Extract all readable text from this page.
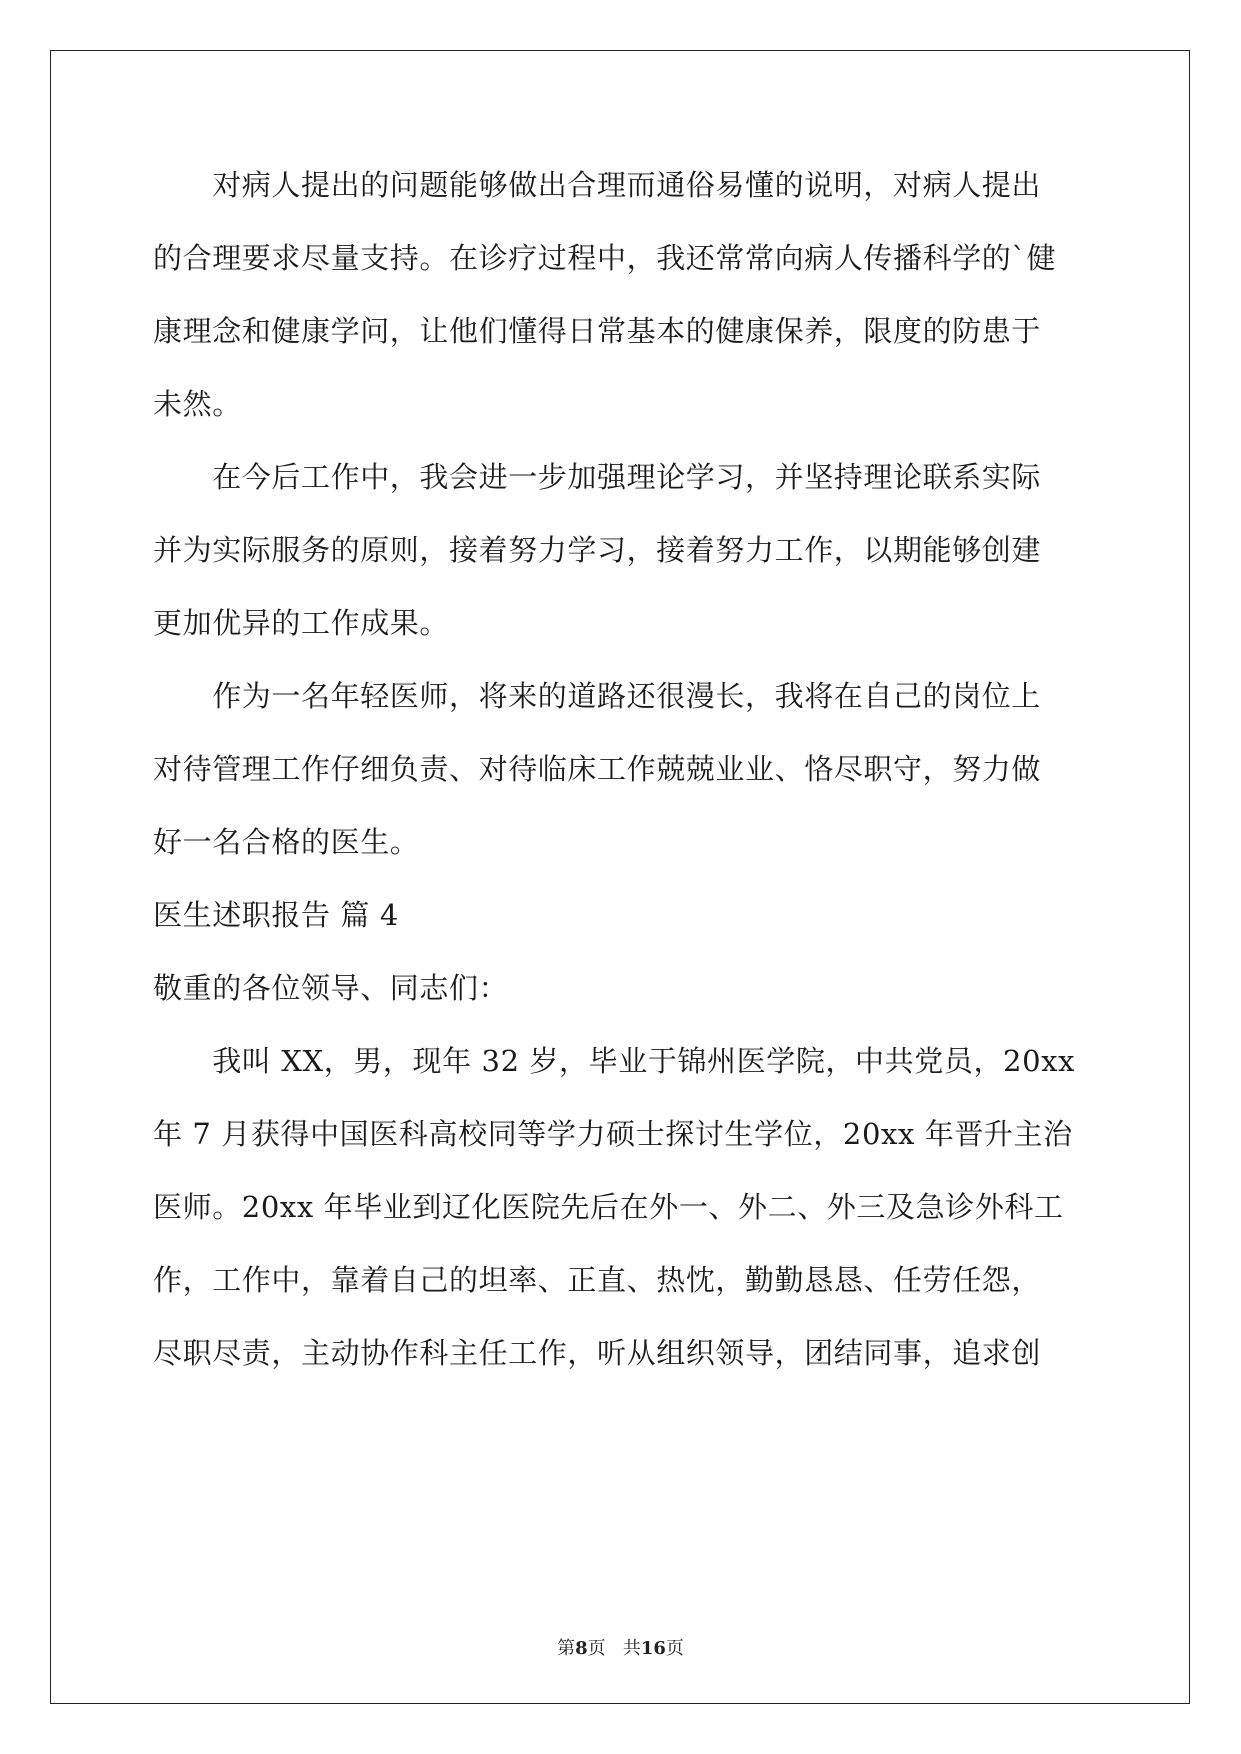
　　对病人提出的问题能够做出合理而通俗易懂的说明，对病人提出
的合理要求尽量支持。在诊疗过程中，我还常常向病人传播科学的`健
康理念和健康学问，让他们懂得日常基本的健康保养，限度的防患于
未然。
　　在今后工作中，我会进一步加强理论学习，并坚持理论联系实际
并为实际服务的原则，接着努力学习，接着努力工作，以期能够创建
更加优异的工作成果。
　　作为一名年轻医师，将来的道路还很漫长，我将在自己的岗位上
对待管理工作仔细负责、对待临床工作兢兢业业、恪尽职守，努力做
好一名合格的医生。
医生述职报告 篇 4
敬重的各位领导、同志们：
　　我叫 XX，男，现年 32 岁，毕业于锦州医学院，中共党员，20xx
年 7 月获得中国医科高校同等学力硕士探讨生学位，20xx 年晋升主治
医师。20xx 年毕业到辽化医院先后在外一、外二、外三及急诊外科工
作，工作中，靠着自己的坦率、正直、热忱，勤勤恳恳、任劳任怨，
尽职尽责，主动协作科主任工作，听从组织领导，团结同事，追求创
第8页 共16页
